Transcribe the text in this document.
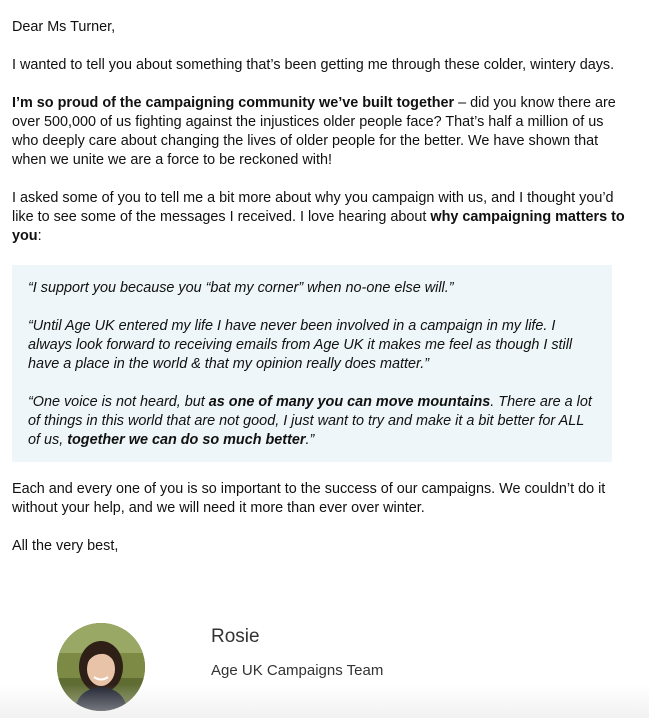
Dear Ms Turner,

I wanted to tell you about something that’s been getting me through these colder, wintery days.

I’m so proud of the campaigning community we’ve built together – did you know there are over 500,000 of us fighting against the injustices older people face? That’s half a million of us who deeply care about changing the lives of older people for the better. We have shown that when we unite we are a force to be reckoned with!

I asked some of you to tell me a bit more about why you campaign with us, and I thought you’d like to see some of the messages I received. I love hearing about why campaigning matters to you:

“I support you because you “bat my corner” when no-one else will.”

“Until Age UK entered my life I have never been involved in a campaign in my life. I always look forward to receiving emails from Age UK it makes me feel as though I still have a place in the world & that my opinion really does matter.”

“One voice is not heard, but as one of many you can move mountains. There are a lot of things in this world that are not good, I just want to try and make it a bit better for ALL of us, together we can do so much better.”

Each and every one of you is so important to the success of our campaigns. We couldn’t do it without your help, and we will need it more than ever over winter.

All the very best,

Rosie
Age UK Campaigns Team
